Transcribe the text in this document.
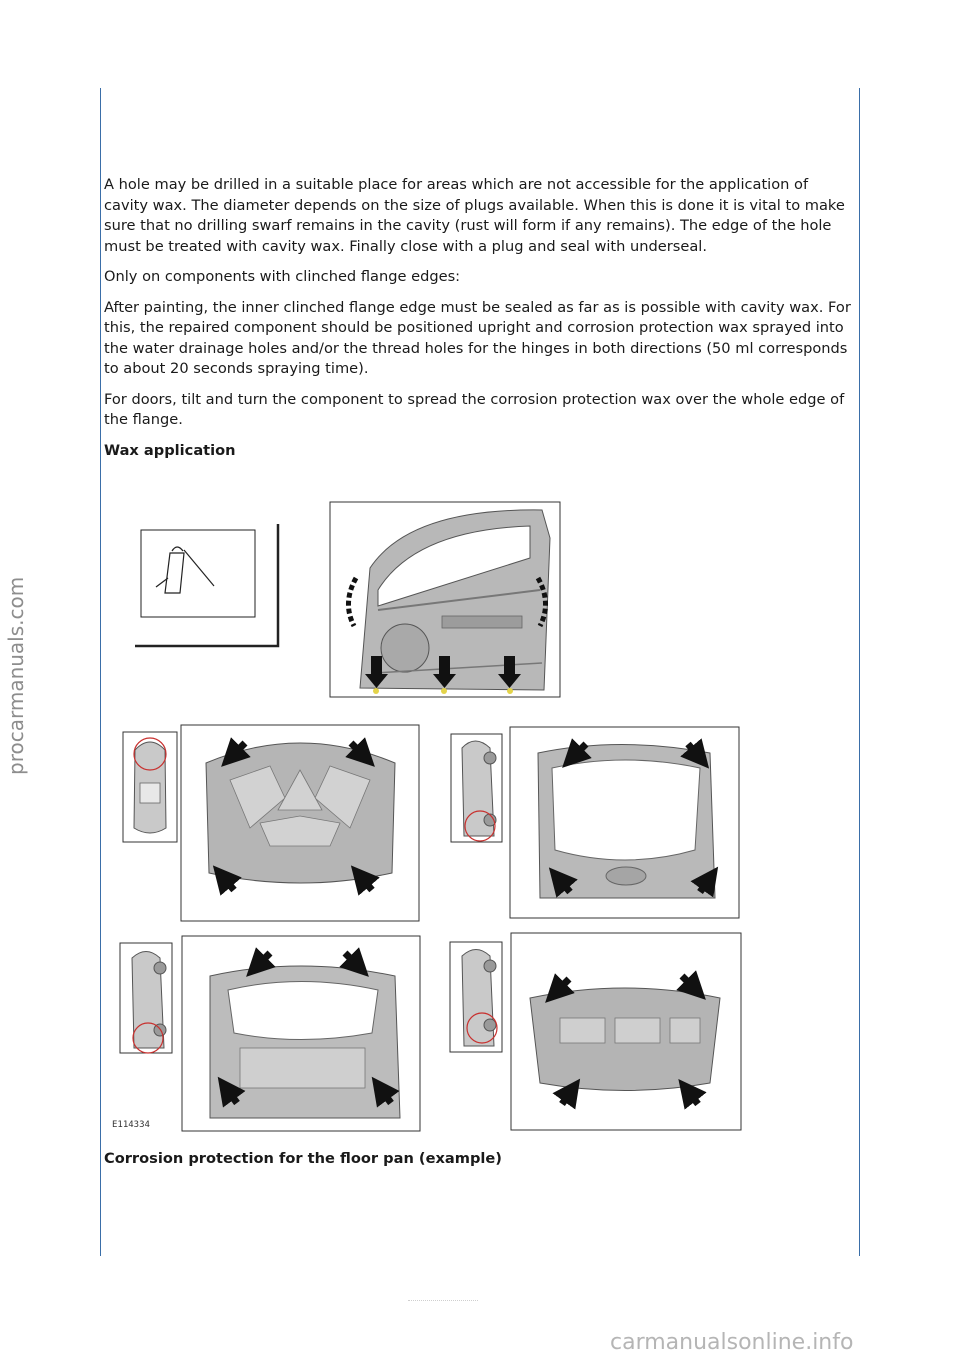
procarmanuals.com

A hole may be drilled in a suitable place for areas which are not accessible for the application of cavity wax. The diameter depends on the size of plugs available. When this is done it is vital to make sure that no drilling swarf remains in the cavity (rust will form if any remains). The edge of the hole must be treated with cavity wax. Finally close with a plug and seal with underseal.

Only on components with clinched flange edges:

After painting, the inner clinched flange edge must be sealed as far as is possible with cavity wax. For this, the repaired component should be positioned upright and corrosion protection wax sprayed into the water drainage holes and/or the thread holes for the hinges in both directions (50 ml corresponds to about 20 seconds spraying time).

For doors, tilt and turn the component to spread the corrosion protection wax over the whole edge of the flange.

Wax application

E114334
Corrosion protection for the floor pan (example)
carmanualsonline.info
